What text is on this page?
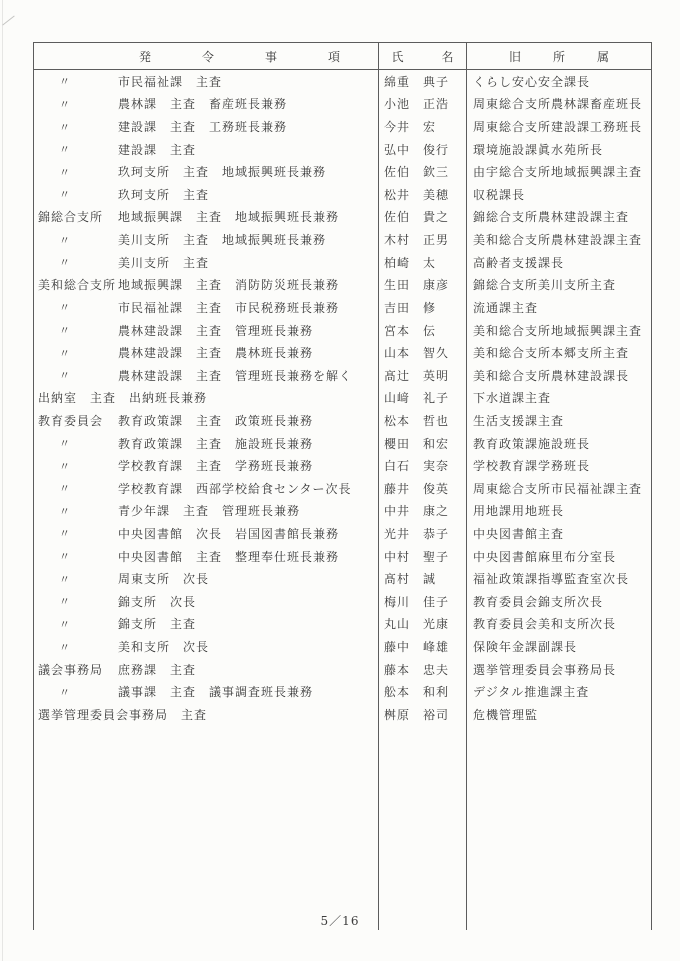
発令事項 氏名 旧所属
〃	市民福祉課　主査	綿重　典子	くらし安心安全課長
〃	農林課　主査　畜産班長兼務	小池　正浩	周東総合支所農林課畜産班長
〃	建設課　主査　工務班長兼務	今井　宏	周東総合支所建設課工務班長
〃	建設課　主査	弘中　俊行	環境施設課眞水苑所長
〃	玖珂支所　主査　地域振興班長兼務	佐伯　欽三	由宇総合支所地域振興課主査
〃	玖珂支所　主査	松井　美穂	収税課長
錦総合支所	地域振興課　主査　地域振興班長兼務	佐伯　貴之	錦総合支所農林建設課主査
〃	美川支所　主査　地域振興班長兼務	木村　正男	美和総合支所農林建設課主査
〃	美川支所　主査	柏崎　太	高齢者支援課長
美和総合支所 地域振興課　主査　消防防災班長兼務	生田　康彦	錦総合支所美川支所主査
〃	市民福祉課　主査　市民税務班長兼務	吉田　修	流通課主査
〃	農林建設課　主査　管理班長兼務	宮本　伝	美和総合支所地域振興課主査
〃	農林建設課　主査　農林班長兼務	山本　智久	美和総合支所本郷支所主査
〃	農林建設課　主査　管理班長兼務を解く	髙辻　英明	美和総合支所農林建設課長
出納室　主査　出納班長兼務	山﨑　礼子	下水道課主査
教育委員会	教育政策課　主査　政策班長兼務	松本　哲也	生活支援課主査
〃	教育政策課　主査　施設班長兼務	櫻田　和宏	教育政策課施設班長
〃	学校教育課　主査　学務班長兼務	白石　実奈	学校教育課学務班長
〃	学校教育課　西部学校給食センター次長	藤井　俊英	周東総合支所市民福祉課主査
〃	青少年課　主査　管理班長兼務	中井　康之	用地課用地班長
〃	中央図書館　次長　岩国図書館長兼務	光井　恭子	中央図書館主査
〃	中央図書館　主査　整理奉仕班長兼務	中村　聖子	中央図書館麻里布分室長
〃	周東支所　次長	髙村　誠	福祉政策課指導監査室次長
〃	錦支所　次長	梅川　佳子	教育委員会錦支所次長
〃	錦支所　主査	丸山　光康	教育委員会美和支所次長
〃	美和支所　次長	藤中　峰雄	保険年金課副課長
議会事務局	庶務課　主査	藤本　忠夫	選挙管理委員会事務局長
〃	議事課　主査　議事調査班長兼務	舩本　和利	デジタル推進課主査
選挙管理委員会事務局　主査	桝原　裕司	危機管理監
5／16
